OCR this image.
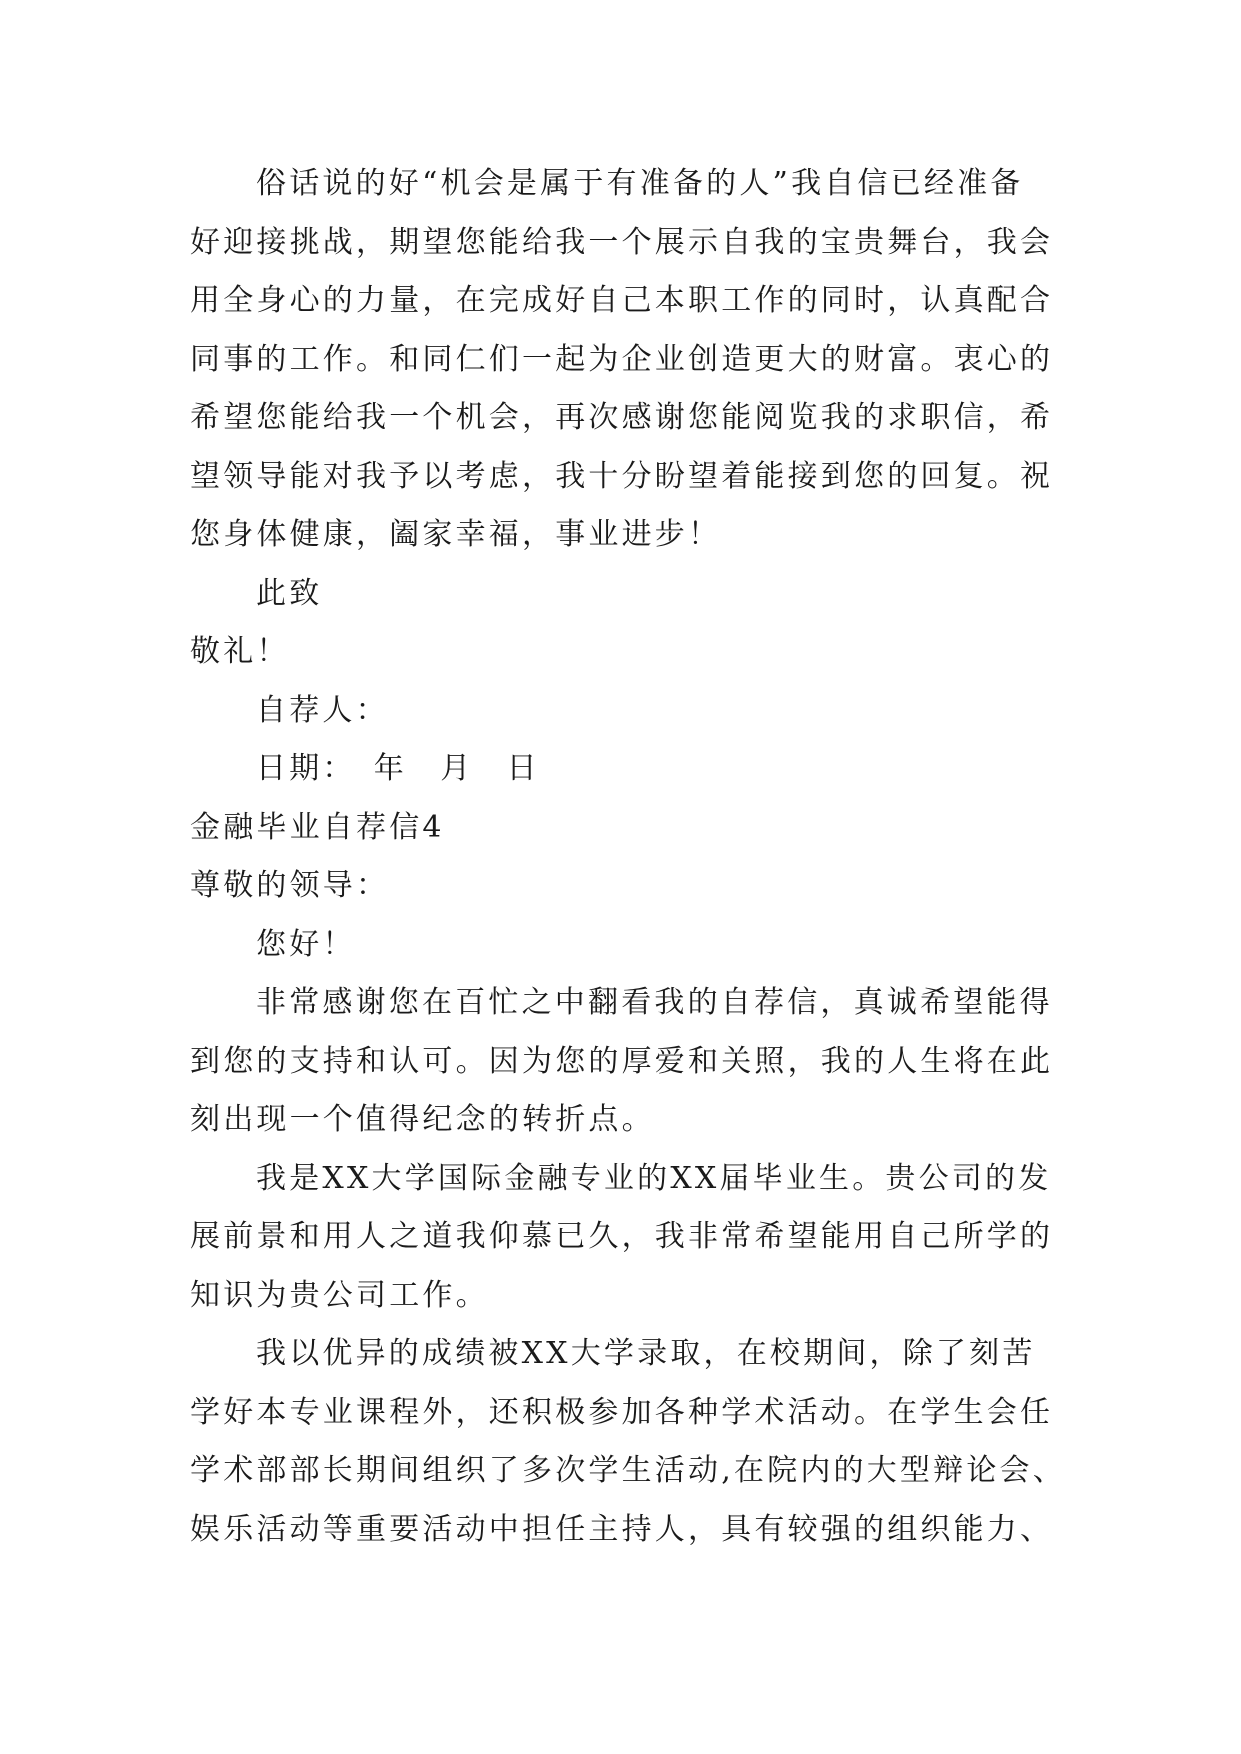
俗话说的好“机会是属于有准备的人”我自信已经准备
好迎接挑战，期望您能给我一个展示自我的宝贵舞台，我会
用全身心的力量，在完成好自己本职工作的同时，认真配合
同事的工作。和同仁们一起为企业创造更大的财富。衷心的
希望您能给我一个机会，再次感谢您能阅览我的求职信，希
望领导能对我予以考虑，我十分盼望着能接到您的回复。祝
您身体健康，阖家幸福，事业进步！
此致
敬礼！
自荐人：
日期：　年　月　日
金融毕业自荐信4
尊敬的领导：
您好！
非常感谢您在百忙之中翻看我的自荐信，真诚希望能得
到您的支持和认可。因为您的厚爱和关照，我的人生将在此
刻出现一个值得纪念的转折点。
我是XX大学国际金融专业的XX届毕业生。贵公司的发
展前景和用人之道我仰慕已久，我非常希望能用自己所学的
知识为贵公司工作。
我以优异的成绩被XX大学录取，在校期间，除了刻苦
学好本专业课程外，还积极参加各种学术活动。在学生会任
学术部部长期间组织了多次学生活动,在院内的大型辩论会、
娱乐活动等重要活动中担任主持人，具有较强的组织能力、
